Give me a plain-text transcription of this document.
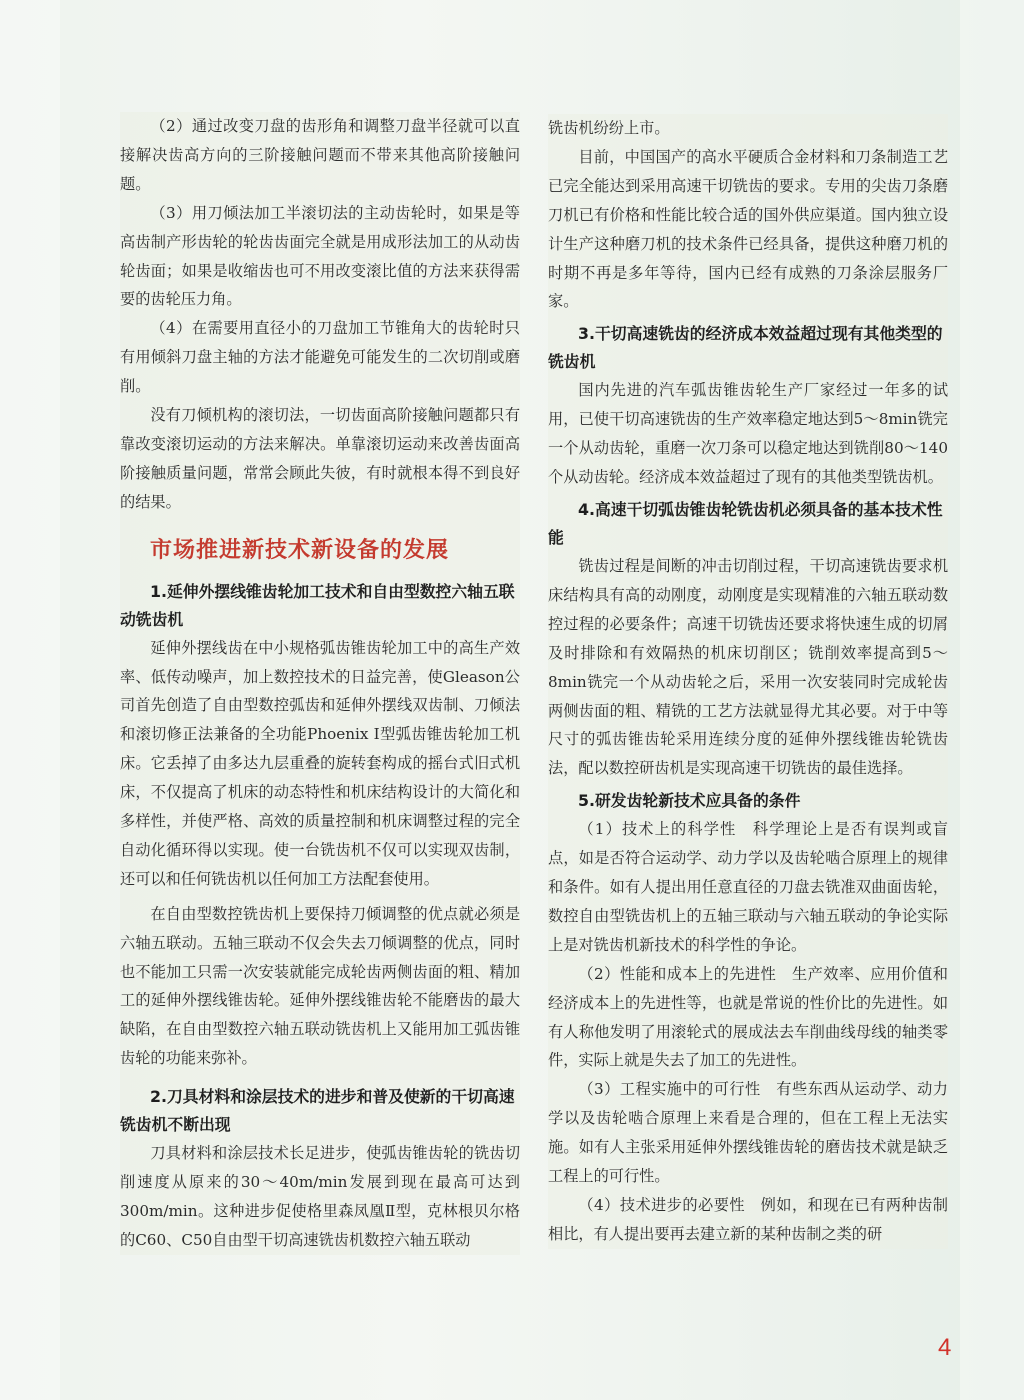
（2）通过改变刀盘的齿形角和调整刀盘半径就可以直接解决齿高方向的三阶接触问题而不带来其他高阶接触问题。

（3）用刀倾法加工半滚切法的主动齿轮时，如果是等高齿制产形齿轮的轮齿齿面完全就是用成形法加工的从动齿轮齿面；如果是收缩齿也可不用改变滚比值的方法来获得需要的齿轮压力角。

（4）在需要用直径小的刀盘加工节锥角大的齿轮时只有用倾斜刀盘主轴的方法才能避免可能发生的二次切削或磨削。

没有刀倾机构的滚切法，一切齿面高阶接触问题都只有靠改变滚切运动的方法来解决。单靠滚切运动来改善齿面高阶接触质量问题，常常会顾此失彼，有时就根本得不到良好的结果。

市场推进新技术新设备的发展
1.延伸外摆线锥齿轮加工技术和自由型数控六轴五联动铣齿机

延伸外摆线齿在中小规格弧齿锥齿轮加工中的高生产效率、低传动噪声，加上数控技术的日益完善，使Gleason公司首先创造了自由型数控弧齿和延伸外摆线双齿制、刀倾法和滚切修正法兼备的全功能Phoenix Ⅰ型弧齿锥齿轮加工机床。它丢掉了由多达九层重叠的旋转套构成的摇台式旧式机床，不仅提高了机床的动态特性和机床结构设计的大简化和多样性，并使严格、高效的质量控制和机床调整过程的完全自动化循环得以实现。使一台铣齿机不仅可以实现双齿制，还可以和任何铣齿机以任何加工方法配套使用。

在自由型数控铣齿机上要保持刀倾调整的优点就必须是六轴五联动。五轴三联动不仅会失去刀倾调整的优点，同时也不能加工只需一次安装就能完成轮齿两侧齿面的粗、精加工的延伸外摆线锥齿轮。延伸外摆线锥齿轮不能磨齿的最大缺陷，在自由型数控六轴五联动铣齿机上又能用加工弧齿锥齿轮的功能来弥补。

2.刀具材料和涂层技术的进步和普及使新的干切高速铣齿机不断出现

刀具材料和涂层技术长足进步，使弧齿锥齿轮的铣齿切削速度从原来的30～40m/min发展到现在最高可达到300m/min。这种进步促使格里森凤凰Ⅱ型，克林根贝尔格的C60、C50自由型干切高速铣齿机数控六轴五联动

铣齿机纷纷上市。

目前，中国国产的高水平硬质合金材料和刀条制造工艺已完全能达到采用高速干切铣齿的要求。专用的尖齿刀条磨刀机已有价格和性能比较合适的国外供应渠道。国内独立设计生产这种磨刀机的技术条件已经具备，提供这种磨刀机的时期不再是多年等待，国内已经有成熟的刀条涂层服务厂家。

3.干切高速铣齿的经济成本效益超过现有其他类型的铣齿机

国内先进的汽车弧齿锥齿轮生产厂家经过一年多的试用，已使干切高速铣齿的生产效率稳定地达到5～8min铣完一个从动齿轮，重磨一次刀条可以稳定地达到铣削80～140个从动齿轮。经济成本效益超过了现有的其他类型铣齿机。

4.高速干切弧齿锥齿轮铣齿机必须具备的基本技术性能

铣齿过程是间断的冲击切削过程，干切高速铣齿要求机床结构具有高的动刚度，动刚度是实现精准的六轴五联动数控过程的必要条件；高速干切铣齿还要求将快速生成的切屑及时排除和有效隔热的机床切削区；铣削效率提高到5～8min铣完一个从动齿轮之后，采用一次安装同时完成轮齿两侧齿面的粗、精铣的工艺方法就显得尤其必要。对于中等尺寸的弧齿锥齿轮采用连续分度的延伸外摆线锥齿轮铣齿法，配以数控研齿机是实现高速干切铣齿的最佳选择。

5.研发齿轮新技术应具备的条件

（1）技术上的科学性　科学理论上是否有误判或盲点，如是否符合运动学、动力学以及齿轮啮合原理上的规律和条件。如有人提出用任意直径的刀盘去铣准双曲面齿轮，数控自由型铣齿机上的五轴三联动与六轴五联动的争论实际上是对铣齿机新技术的科学性的争论。

（2）性能和成本上的先进性　生产效率、应用价值和经济成本上的先进性等，也就是常说的性价比的先进性。如有人称他发明了用滚轮式的展成法去车削曲线母线的轴类零件，实际上就是失去了加工的先进性。

（3）工程实施中的可行性　有些东西从运动学、动力学以及齿轮啮合原理上来看是合理的，但在工程上无法实施。如有人主张采用延伸外摆线锥齿轮的磨齿技术就是缺乏工程上的可行性。

（4）技术进步的必要性　例如，和现在已有两种齿制相比，有人提出要再去建立新的某种齿制之类的研

4
